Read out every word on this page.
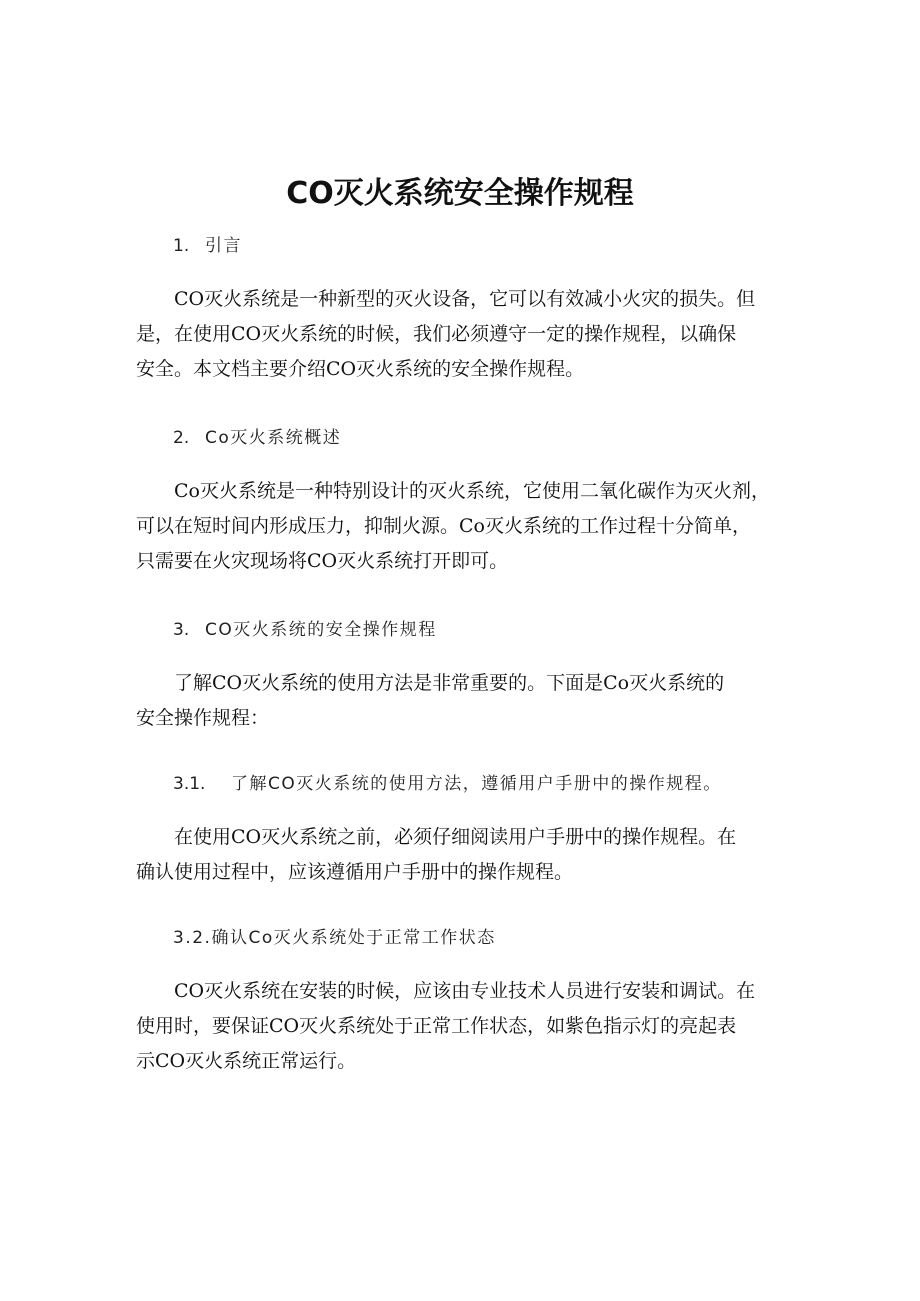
CO灭火系统安全操作规程
1. 引言
CO灭火系统是一种新型的灭火设备，它可以有效减小火灾的损失。但
是，在使用CO灭火系统的时候，我们必须遵守一定的操作规程，以确保
安全。本文档主要介绍CO灭火系统的安全操作规程。
2. Co灭火系统概述
Co灭火系统是一种特别设计的灭火系统，它使用二氧化碳作为灭火剂，
可以在短时间内形成压力，抑制火源。Co灭火系统的工作过程十分简单，
只需要在火灾现场将CO灭火系统打开即可。
3. CO灭火系统的安全操作规程
了解CO灭火系统的使用方法是非常重要的。下面是Co灭火系统的
安全操作规程：
3.1. 了解CO灭火系统的使用方法，遵循用户手册中的操作规程。
在使用CO灭火系统之前，必须仔细阅读用户手册中的操作规程。在
确认使用过程中，应该遵循用户手册中的操作规程。
3.2.确认Co灭火系统处于正常工作状态
CO灭火系统在安装的时候，应该由专业技术人员进行安装和调试。在
使用时，要保证CO灭火系统处于正常工作状态，如紫色指示灯的亮起表
示CO灭火系统正常运行。
